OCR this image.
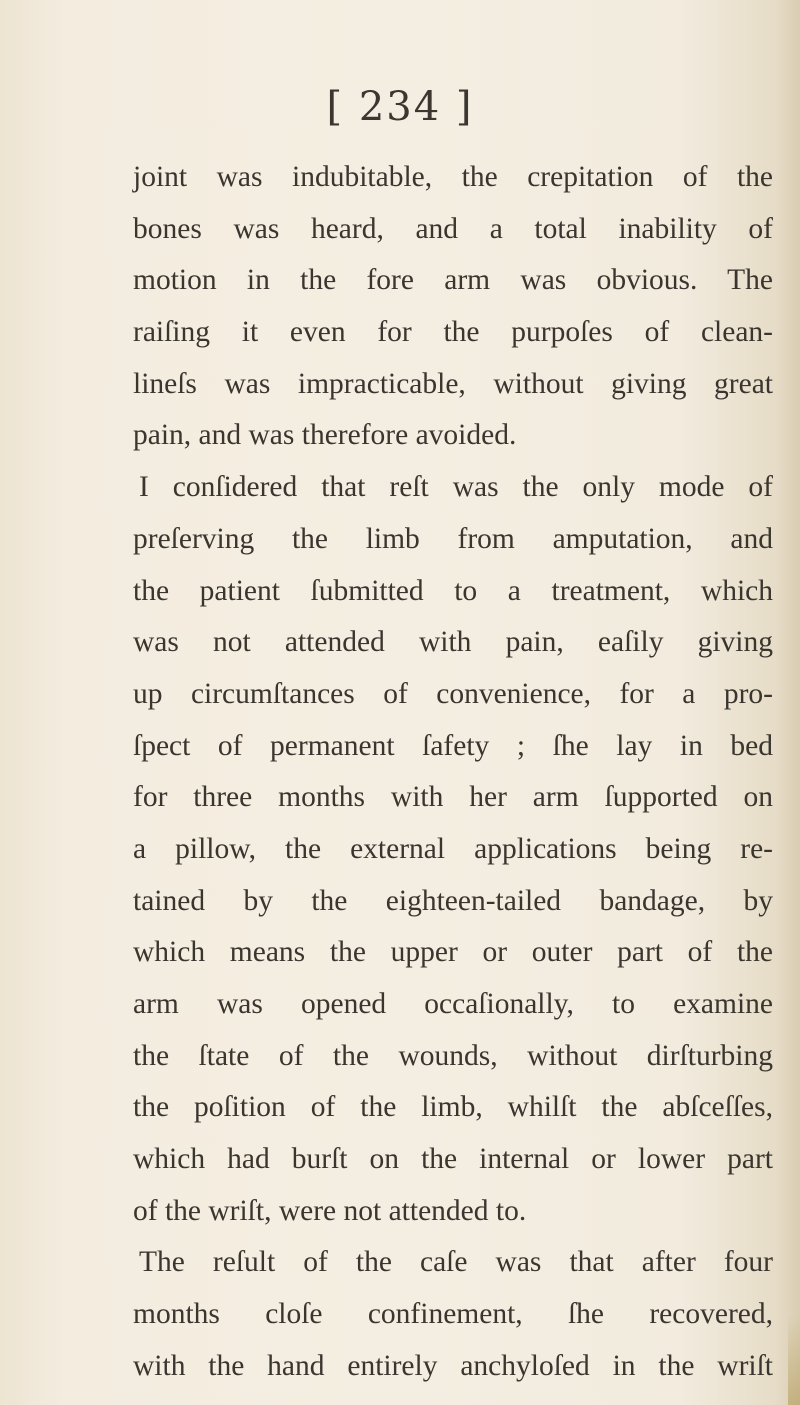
[ 234 ]
joint was indubitable, the crepitation of the
bones was heard, and a total inability of
motion in the fore arm was obvious. The
raiſing it even for the purpoſes of clean-
lineſs was impracticable, without giving great
pain, and was therefore avoided.
I conſidered that reſt was the only mode of
preſerving the limb from amputation, and
the patient ſubmitted to a treatment, which
was not attended with pain, eaſily giving
up circumſtances of convenience, for a pro-
ſpect of permanent ſafety ; ſhe lay in bed
for three months with her arm ſupported on
a pillow, the external applications being re-
tained by the eighteen-tailed bandage, by
which means the upper or outer part of the
arm was opened occaſionally, to examine
the ſtate of the wounds, without dirſturbing
the poſition of the limb, whilſt the abſceſſes,
which had burſt on the internal or lower part
of the wriſt, were not attended to.
The reſult of the caſe was that after four
months cloſe confinement, ſhe recovered,
with the hand entirely anchyloſed in the wriſt
